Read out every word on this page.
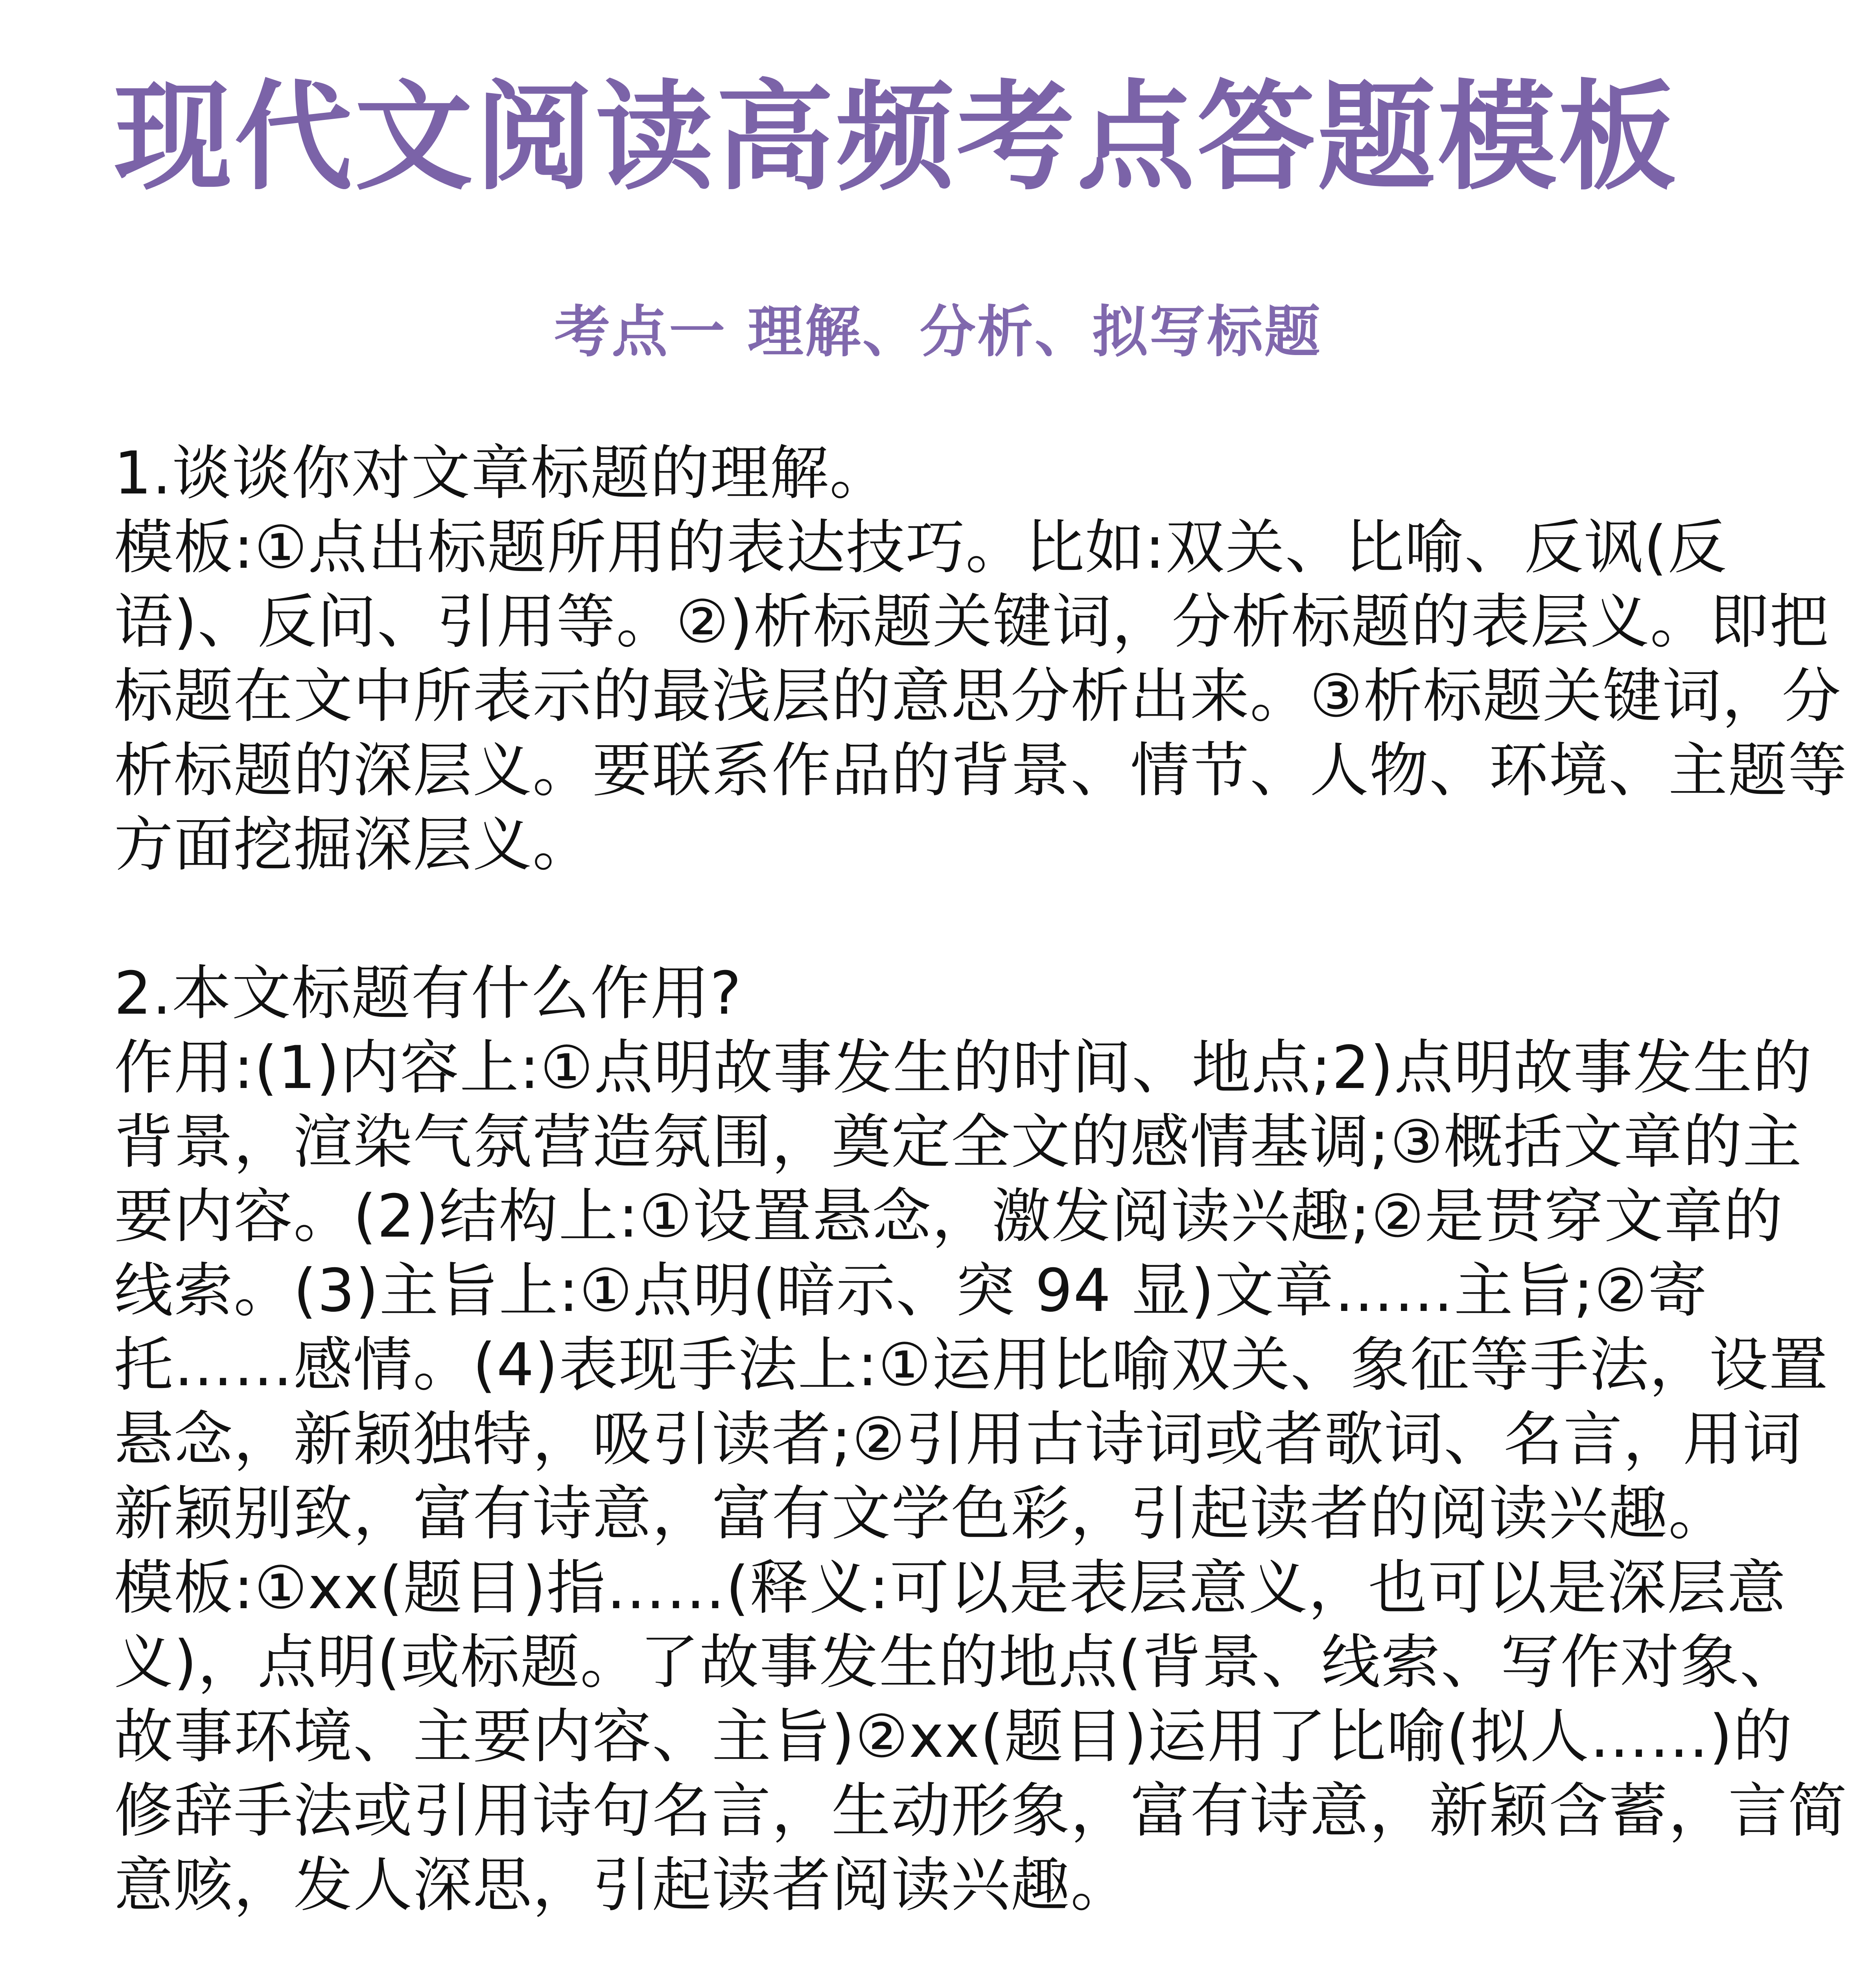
现代文阅读高频考点答题模板
考点一 理解、分析、拟写标题
1.谈谈你对文章标题的理解。
模板:①点出标题所用的表达技巧。比如:双关、比喻、反讽(反
语)、反问、引用等。②)析标题关键词，分析标题的表层义。即把
标题在文中所表示的最浅层的意思分析出来。③析标题关键词，分
析标题的深层义。要联系作品的背景、情节、人物、环境、主题等
方面挖掘深层义。
2.本文标题有什么作用?
作用:(1)内容上:①点明故事发生的时间、地点;2)点明故事发生的
背景，渲染气氛营造氛围，奠定全文的感情基调;③概括文章的主
要内容。(2)结构上:①设置悬念，激发阅读兴趣;②是贯穿文章的
线索。(3)主旨上:①点明(暗示、突 94 显)文章……主旨;②寄
托……感情。(4)表现手法上:①运用比喻双关、象征等手法，设置
悬念，新颖独特，吸引读者;②引用古诗词或者歌词、名言，用词
新颖别致，富有诗意，富有文学色彩，引起读者的阅读兴趣。
模板:①xx(题目)指……(释义:可以是表层意义，也可以是深层意
义)，点明(或标题。了故事发生的地点(背景、线索、写作对象、
故事环境、主要内容、主旨)②xx(题目)运用了比喻(拟人……)的
修辞手法或引用诗句名言，生动形象，富有诗意，新颖含蓄，言简
意赅，发人深思，引起读者阅读兴趣。
